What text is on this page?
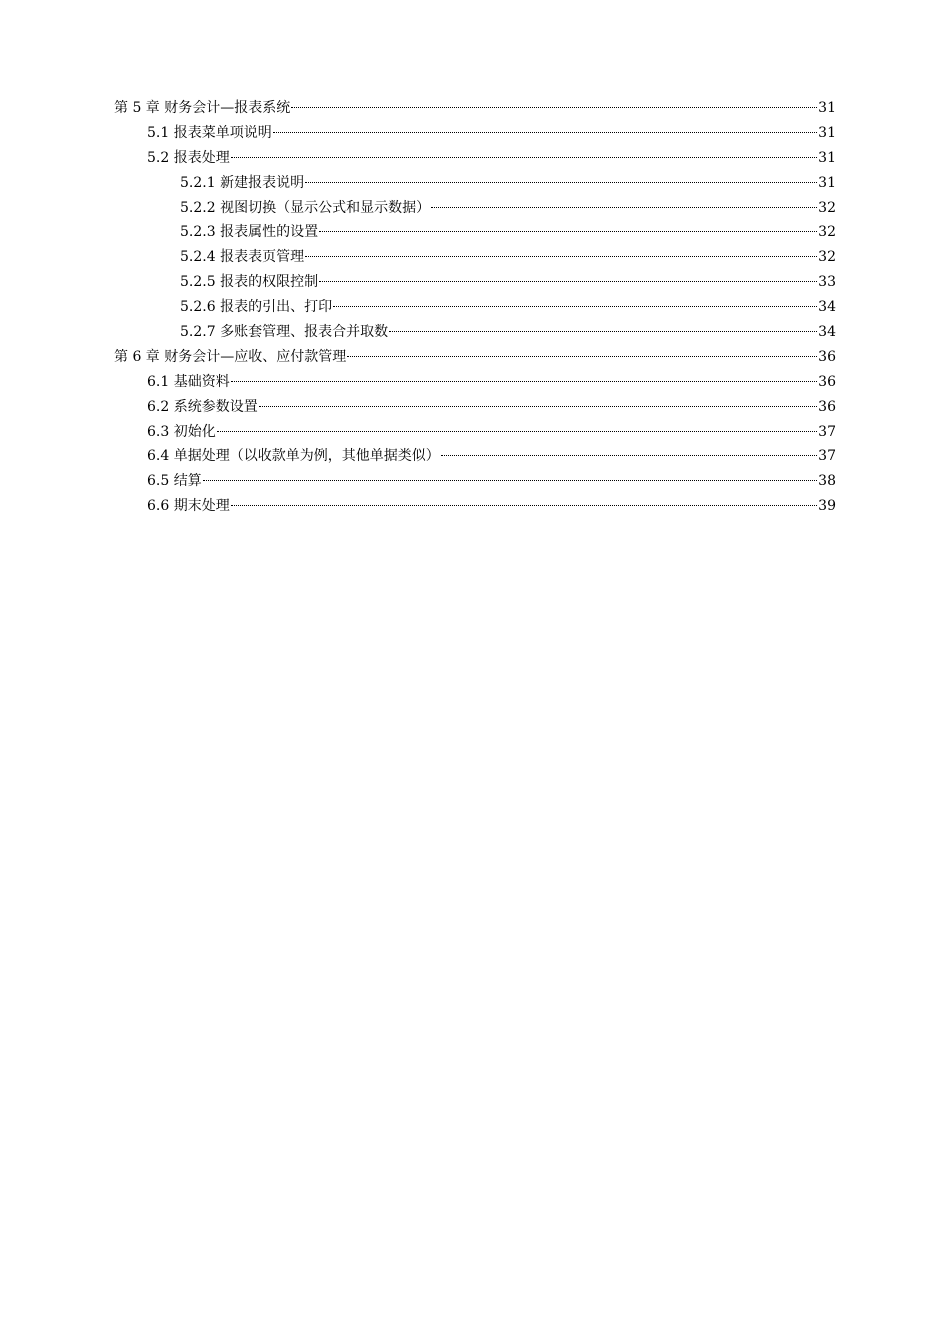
第 5 章 财务会计—报表系统	31
5.1 报表菜单项说明	31
5.2 报表处理	31
5.2.1 新建报表说明	31
5.2.2 视图切换（显示公式和显示数据）	32
5.2.3 报表属性的设置	32
5.2.4 报表表页管理	32
5.2.5 报表的权限控制	33
5.2.6 报表的引出、打印	34
5.2.7 多账套管理、报表合并取数	34
第 6 章 财务会计—应收、应付款管理	36
6.1 基础资料	36
6.2 系统参数设置	36
6.3 初始化	37
6.4 单据处理（以收款单为例，其他单据类似）	37
6.5 结算	38
6.6 期末处理	39
